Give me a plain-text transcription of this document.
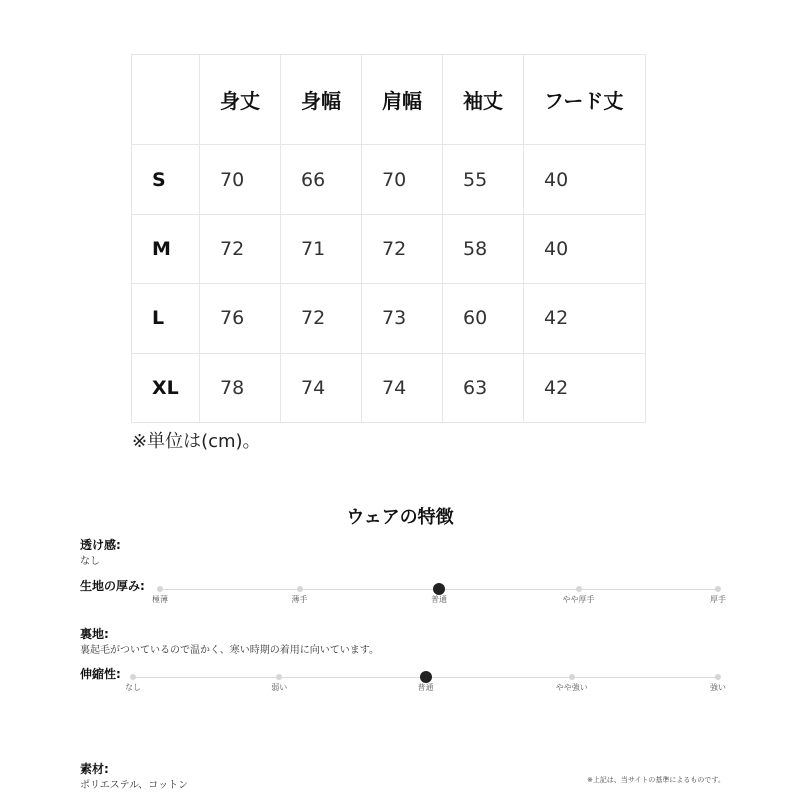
	身丈	身幅	肩幅	袖丈	フード丈
S	70	66	70	55	40
M	72	71	72	58	40
L	76	72	73	60	42
XL	78	74	74	63	42
※単位は(cm)。
ウェアの特徴
透け感:
なし
生地の厚み:
極薄	薄手	普通	やや厚手	厚手
裏地:
裏起毛がついているので温かく、寒い時期の着用に向いています。
伸縮性:
なし	弱い	普通	やや強い	強い
素材:
ポリエステル、コットン	※上記は、当サイトの基準によるものです。
